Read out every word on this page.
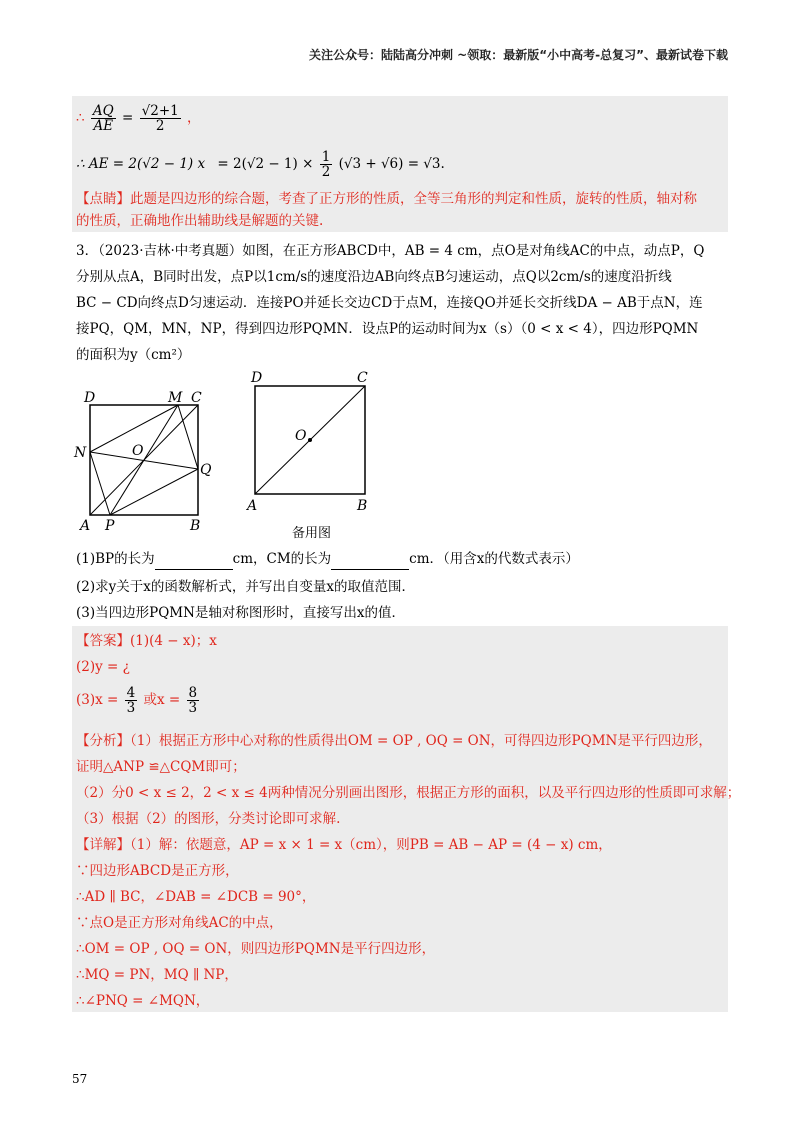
关注公众号：陆陆高分冲刺 ~领取：最新版“小中高考-总复习”、最新试卷下载
∴ $\frac{AQ}{AE} = \frac{√2+1}{2}$ ，
∴ AE = 2(√2 − 1) $x = 2(√2 - 1) \times \frac{1}{2} (√3 + √6) = √3$.
【点睛】此题是四边形的综合题，考查了正方形的性质，全等三角形的判定和性质，旋转的性质，轴对称
的性质，正确地作出辅助线是解题的关键.
3．（2023·吉林·中考真题）如图，在正方形ABCD中，AB = 4 cm，点O是对角线AC的中点，动点P，Q
分别从点A，B同时出发，点P以1cm/s的速度沿边AB向终点B匀速运动，点Q以2cm/s的速度沿折线
BC − CD向终点D匀速运动．连接PO并延长交边CD于点M，连接QO并延长交折线DA − AB于点N，连
接PQ，QM，MN，NP，得到四边形PQMN．设点P的运动时间为x（s）（0 < x < 4），四边形PQMN
的面积为y（cm²）
D	M C
N	O
Q
A P	B
D	C
O
A	B
备用图
(1)BP的长为	cm，CM的长为	cm．（用含x的代数式表示）
(2)求y关于x的函数解析式，并写出自变量x的取值范围．
(3)当四边形PQMN是轴对称图形时，直接写出x的值．
【答案】(1)(4 − x)；x
(2)y = ¿
$(3)x = \frac{4}{3}$ 或$x = \frac{8}{3}$
【分析】（1）根据正方形中心对称的性质得出OM = OP , OQ = ON，可得四边形PQMN是平行四边形，
证明△ANP ≌△CQM即可；
（2）分0 < x ≤ 2，2 < x ≤ 4两种情况分别画出图形，根据正方形的面积，以及平行四边形的性质即可求解；
（3）根据（2）的图形，分类讨论即可求解.
【详解】（1）解：依题意，AP = x × 1 = x（cm），则PB = AB − AP = (4 − x) cm，
∵四边形ABCD是正方形，
∴AD ∥ BC，∠DAB = ∠DCB = 90°，
∵点O是正方形对角线AC的中点，
∴OM = OP , OQ = ON，则四边形PQMN是平行四边形，
∴MQ = PN，MQ ∥ NP，
∴∠PNQ = ∠MQN，
57
